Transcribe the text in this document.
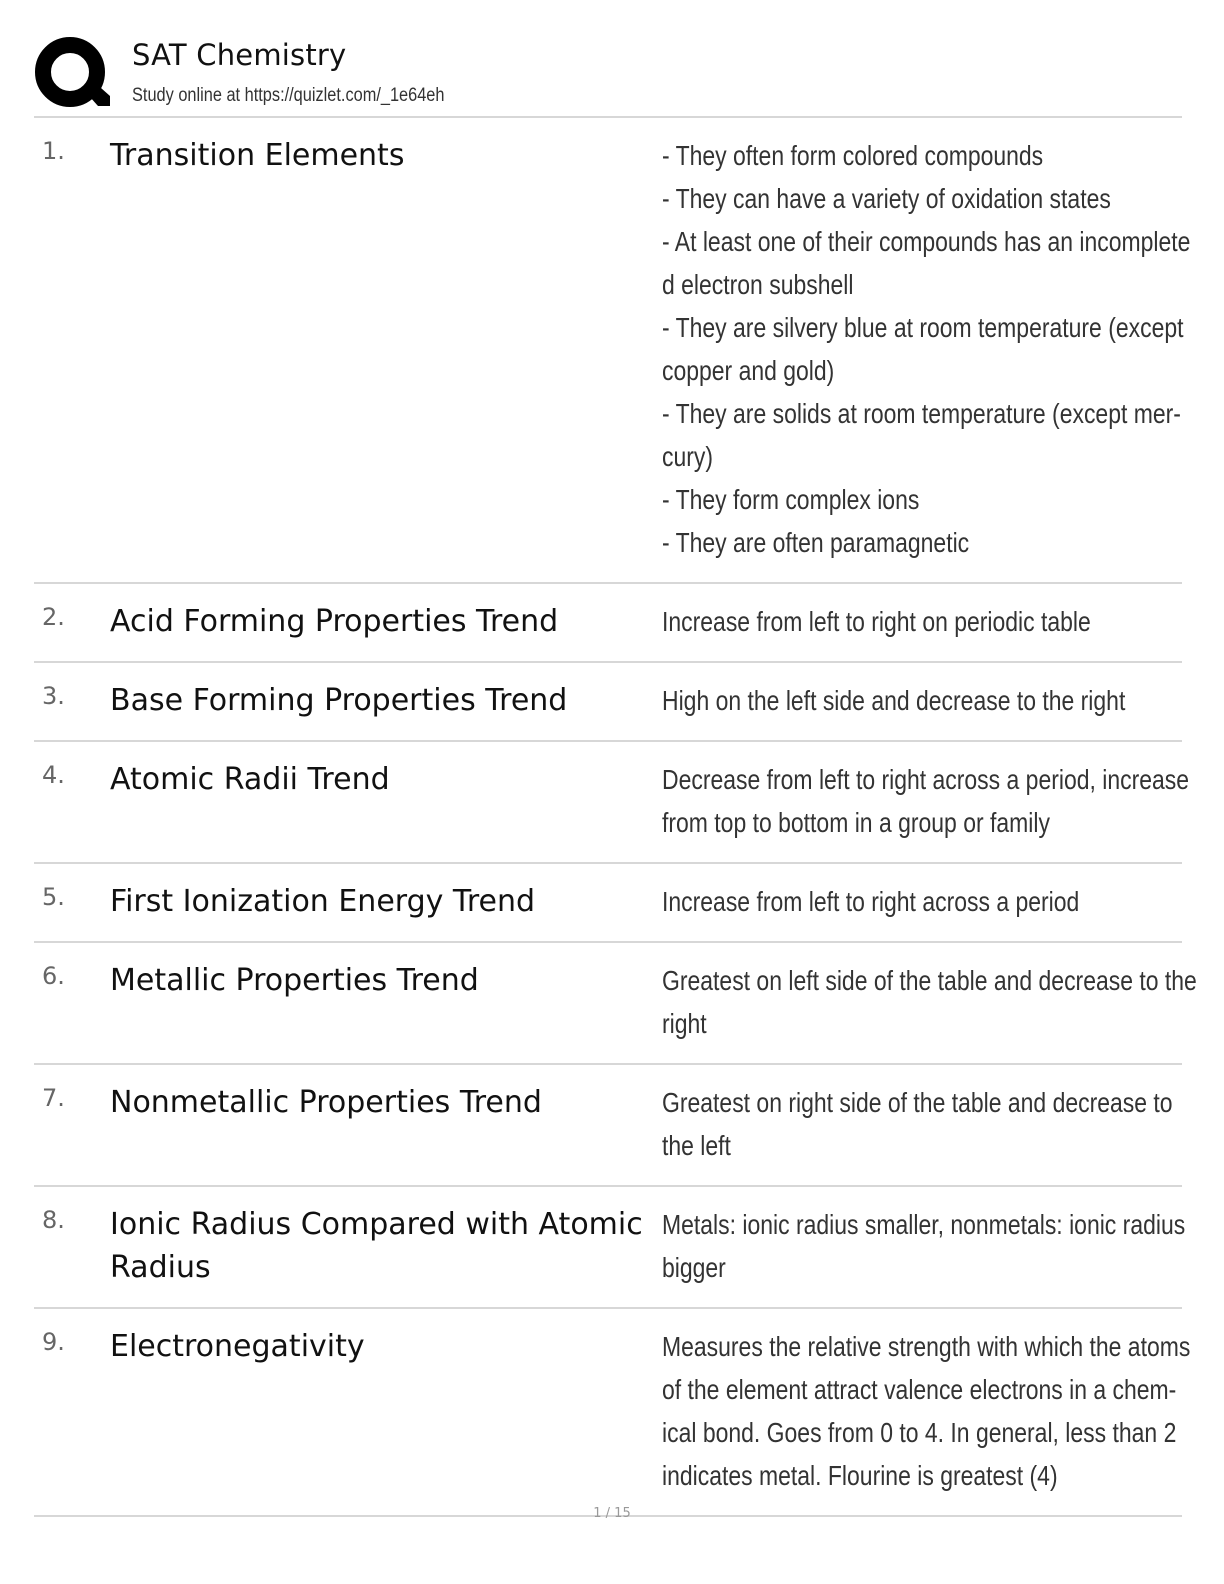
SAT Chemistry
Study online at https://quizlet.com/_1e64eh
1.	Transition Elements	- They often form colored compounds
- They can have a variety of oxidation states
- At least one of their compounds has an incomplete
d electron subshell
- They are silvery blue at room temperature (except
copper and gold)
- They are solids at room temperature (except mer-
cury)
- They form complex ions
- They are often paramagnetic
2.	Acid Forming Properties Trend	Increase from left to right on periodic table
3.	Base Forming Properties Trend	High on the left side and decrease to the right
4.	Atomic Radii Trend	Decrease from left to right across a period, increase
from top to bottom in a group or family
5.	First Ionization Energy Trend	Increase from left to right across a period
6.	Metallic Properties Trend	Greatest on left side of the table and decrease to the
right
7.	Nonmetallic Properties Trend	Greatest on right side of the table and decrease to
the left
8.	Ionic Radius Compared with Atomic Radius
Metals: ionic radius smaller, nonmetals: ionic radius
bigger
9.	Electronegativity	Measures the relative strength with which the atoms
of the element attract valence electrons in a chem-
ical bond. Goes from 0 to 4. In general, less than 2
indicates metal. Flourine is greatest (4)
1 / 15
